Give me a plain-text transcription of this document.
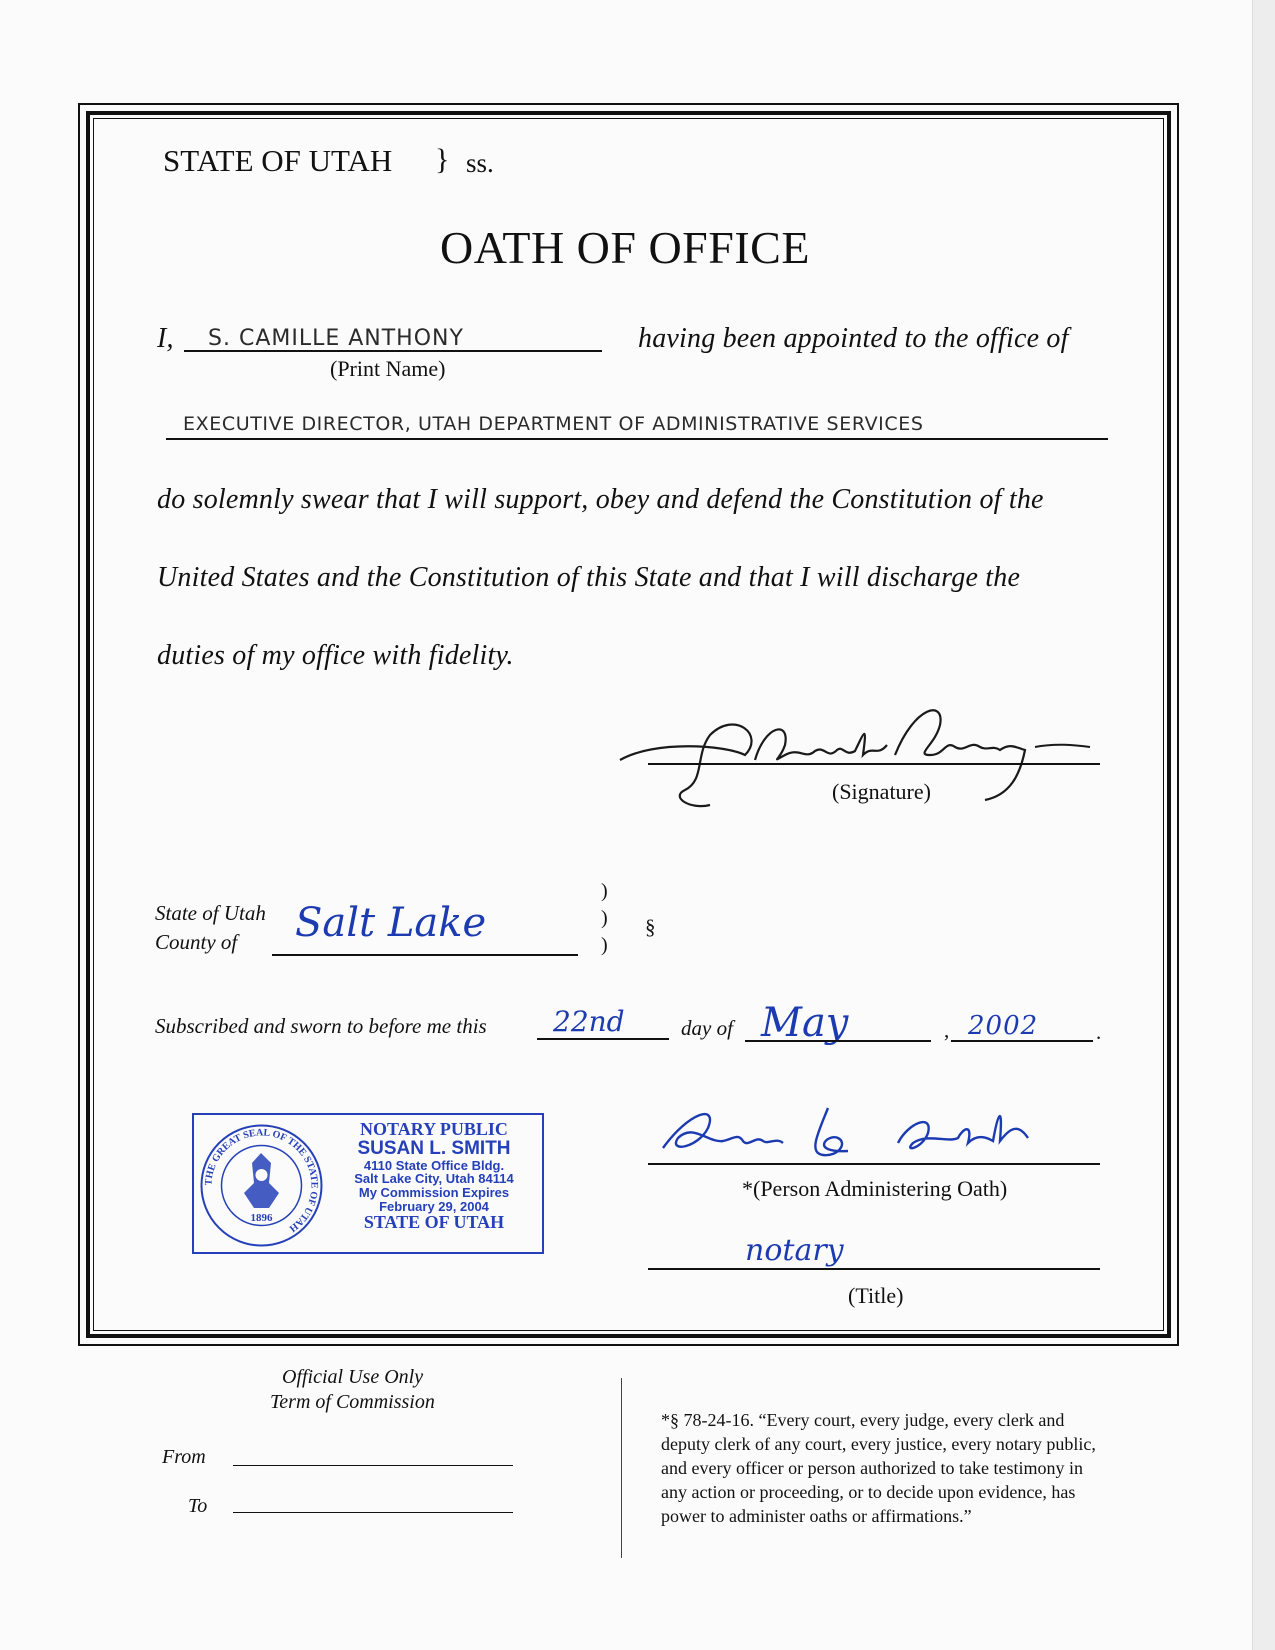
STATE OF UTAH } ss.
OATH OF OFFICE
I, S. CAMILLE ANTHONY
(Print Name)
having been appointed to the office of
EXECUTIVE DIRECTOR, UTAH DEPARTMENT OF ADMINISTRATIVE SERVICES
do solemnly swear that I will support, obey and defend the Constitution of the
United States and the Constitution of this State and that I will discharge the
duties of my office with fidelity.
(Signature)
State of Utah
County of Salt Lake
)
)
)
§
Subscribed and sworn to before me this 22nd	day of May	, 2002	.
THE GREAT SEAL OF THE STATE OF UTAH
1896
NOTARY PUBLIC
SUSAN L. SMITH
4110 State Office Bldg.
Salt Lake City, Utah 84114
My Commission Expires
February 29, 2004
STATE OF UTAH
*(Person Administering Oath)
notary
(Title)
Official Use Only
Term of Commission
From
To
*§ 78-24-16. “Every court, every judge, every clerk and
deputy clerk of any court, every justice, every notary public,
and every officer or person authorized to take testimony in
any action or proceeding, or to decide upon evidence, has
power to administer oaths or affirmations.”
